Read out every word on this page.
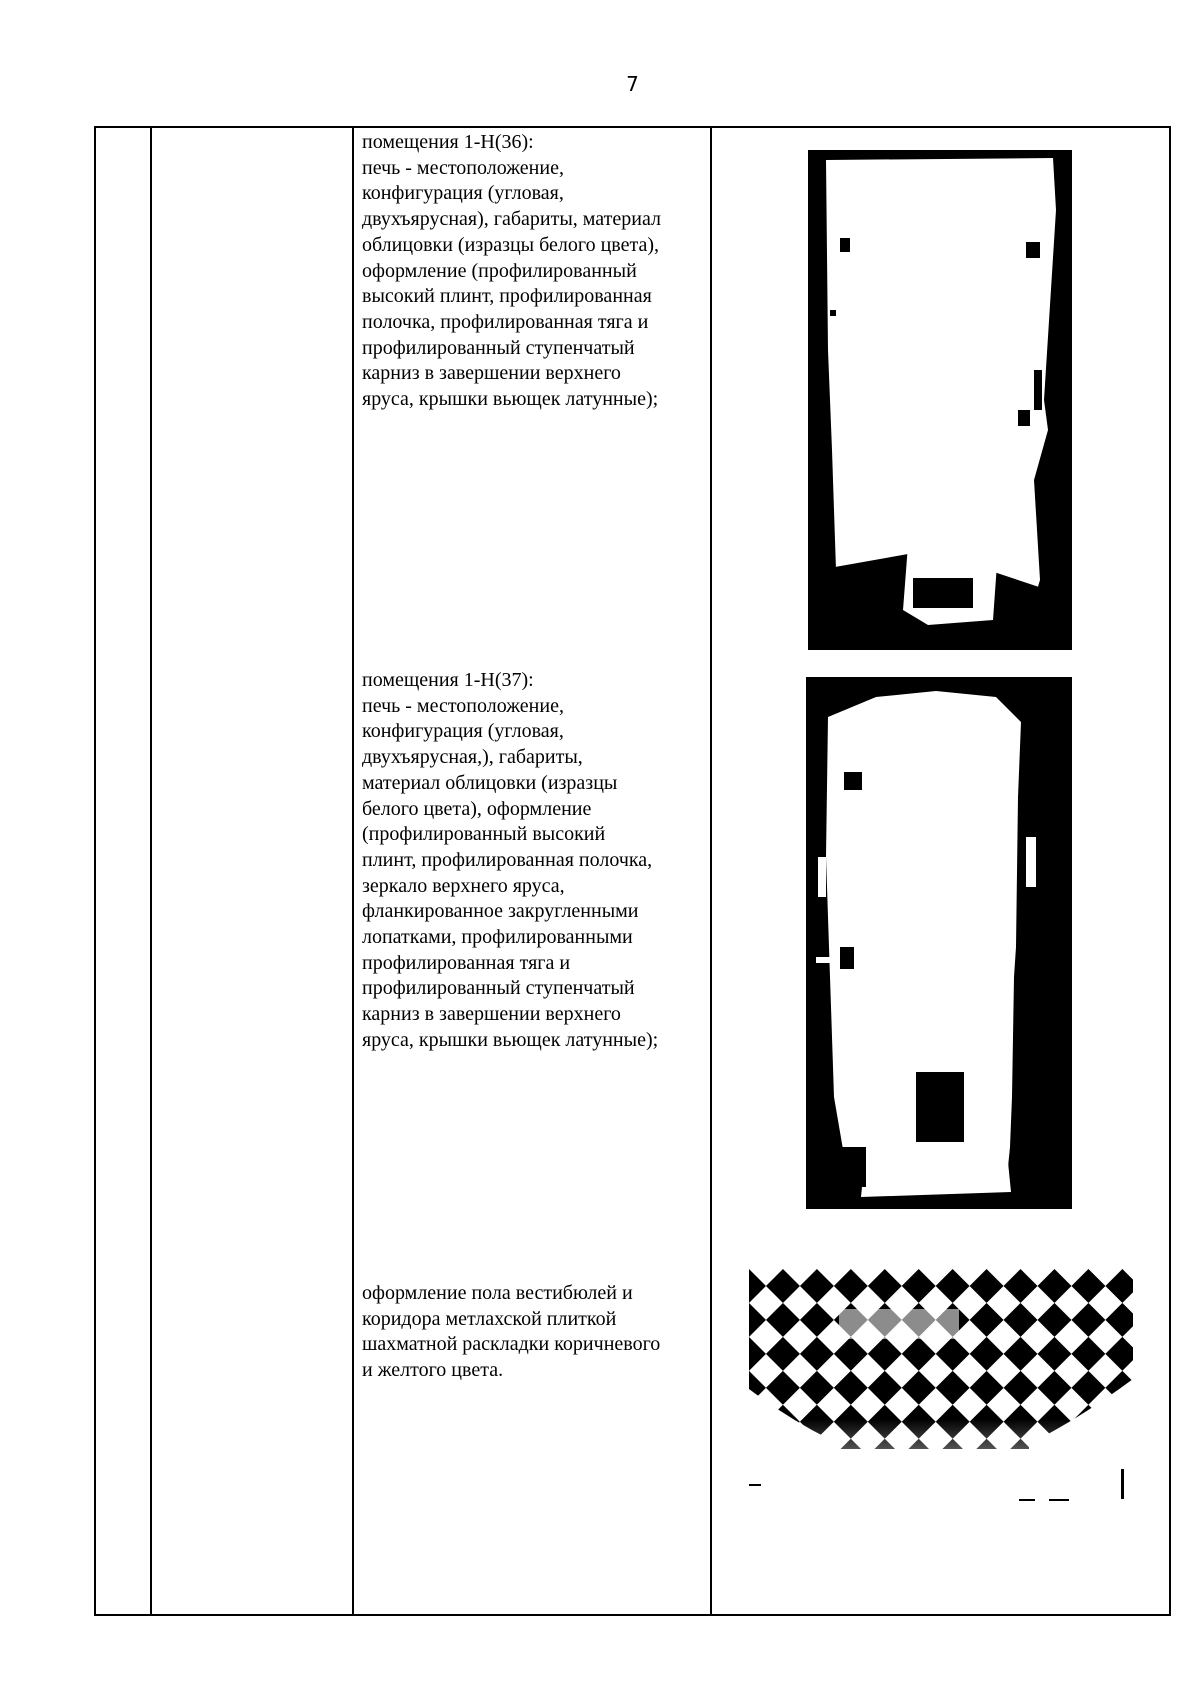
7
помещения 1-Н(36):
печь - местоположение,
конфигурация (угловая,
двухъярусная), габариты, материал
облицовки (изразцы белого цвета),
оформление (профилированный
высокий плинт, профилированная
полочка, профилированная тяга и
профилированный ступенчатый
карниз в завершении верхнего
яруса, крышки вьющек латунные);
помещения 1-Н(37):
печь - местоположение,
конфигурация (угловая,
двухъярусная,), габариты,
материал облицовки (изразцы
белого цвета), оформление
(профилированный высокий
плинт, профилированная полочка,
зеркало верхнего яруса,
фланкированное закругленными
лопатками, профилированными
профилированная тяга и
профилированный ступенчатый
карниз в завершении верхнего
яруса, крышки вьющек латунные);
оформление пола вестибюлей и
коридора метлахской плиткой
шахматной раскладки коричневого
и желтого цвета.
